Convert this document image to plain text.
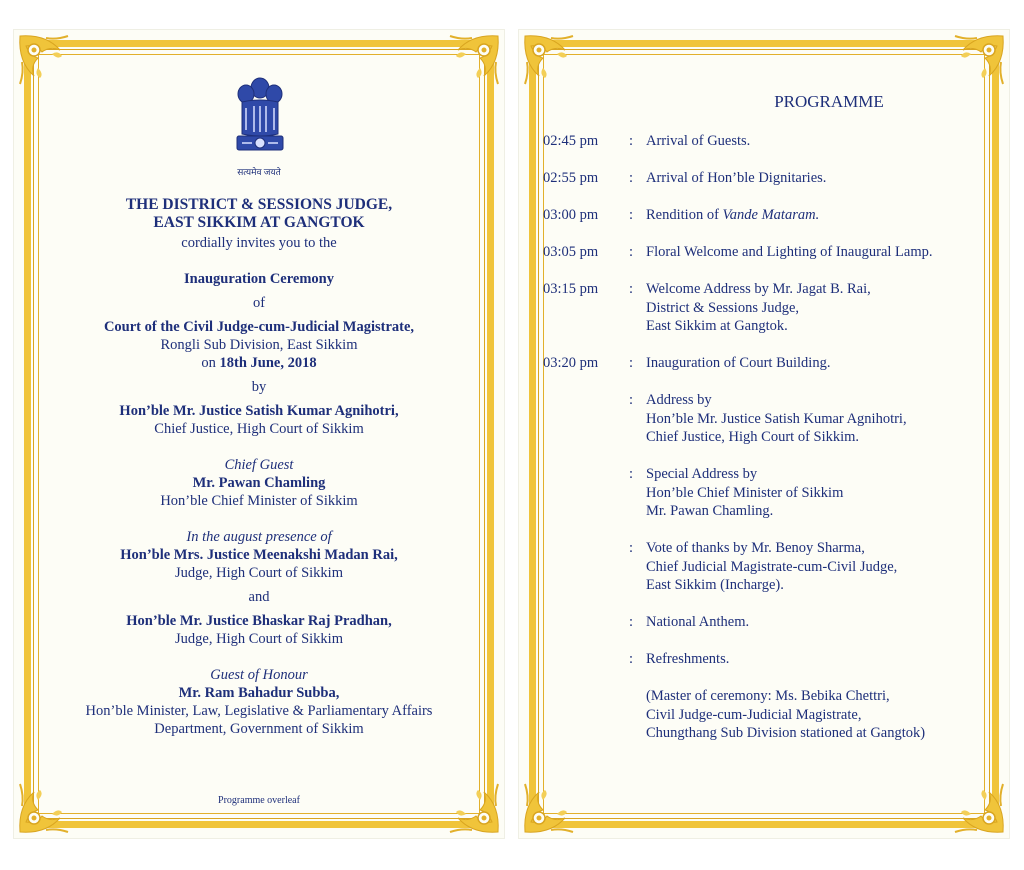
सत्यमेव जयते
THE DISTRICT & SESSIONS JUDGE,
EAST SIKKIM AT GANGTOK
cordially invites you to the
Inauguration Ceremony
of
Court of the Civil Judge-cum-Judicial Magistrate,
Rongli Sub Division, East Sikkim
on 18th June, 2018
by
Hon’ble Mr. Justice Satish Kumar Agnihotri,
Chief Justice, High Court of Sikkim
Chief Guest
Mr. Pawan Chamling
Hon’ble Chief Minister of Sikkim
In the august presence of
Hon’ble Mrs. Justice Meenakshi Madan Rai,
Judge, High Court of Sikkim
and
Hon’ble Mr. Justice Bhaskar Raj Pradhan,
Judge, High Court of Sikkim
Guest of Honour
Mr. Ram Bahadur Subba,
Hon’ble Minister, Law, Legislative & Parliamentary Affairs
Department, Government of Sikkim
Programme overleaf
PROGRAMME
02:45 pm	: Arrival of Guests.
02:55 pm	: Arrival of Hon’ble Dignitaries.
03:00 pm	: Rendition of Vande Mataram.
03:05 pm	: Floral Welcome and Lighting of Inaugural Lamp.
03:15 pm	: Welcome Address by Mr. Jagat B. Rai,
District & Sessions Judge,
East Sikkim at Gangtok.
03:20 pm	: Inauguration of Court Building.
: Address by
Hon’ble Mr. Justice Satish Kumar Agnihotri,
Chief Justice, High Court of Sikkim.
: Special Address by
Hon’ble Chief Minister of Sikkim
Mr. Pawan Chamling.
: Vote of thanks by Mr. Benoy Sharma,
Chief Judicial Magistrate-cum-Civil Judge,
East Sikkim (Incharge).
: National Anthem.
: Refreshments.
(Master of ceremony: Ms. Bebika Chettri,
Civil Judge-cum-Judicial Magistrate,
Chungthang Sub Division stationed at Gangtok)
